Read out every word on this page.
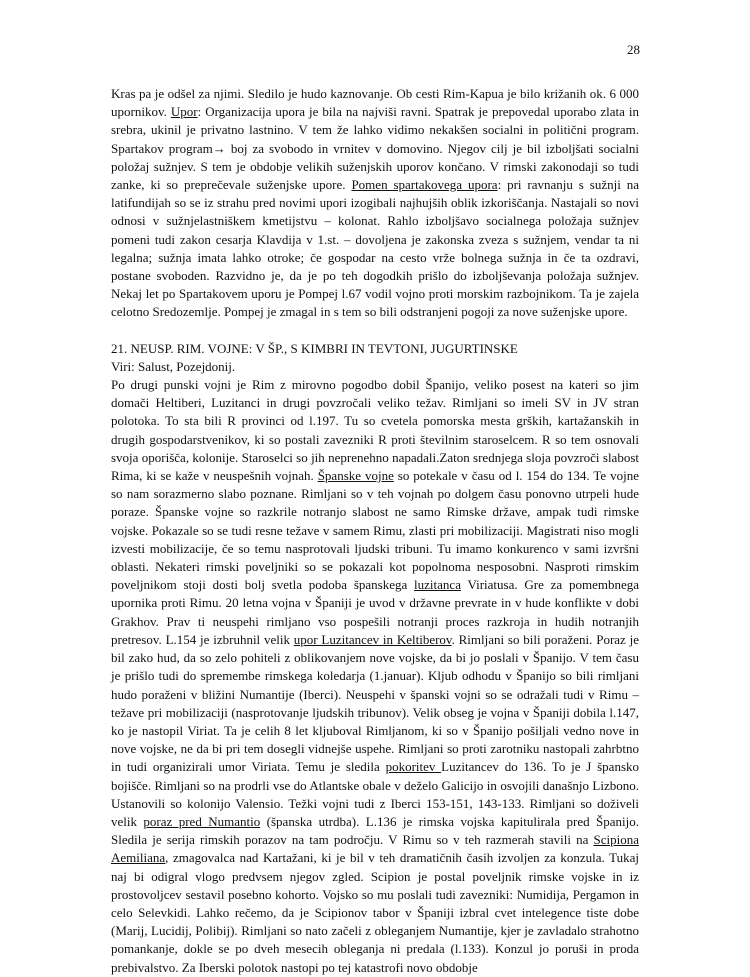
28

Kras pa je odšel za njimi. Sledilo je hudo kaznovanje. Ob cesti Rim-Kapua je bilo križanih ok. 6 000 upornikov. Upor: Organizacija upora je bila na najviši ravni. Spatrak je prepovedal uporabo zlata in srebra, ukinil je privatno lastnino. V tem že lahko vidimo nekakšen socialni in politični program. Spartakov program→ boj za svobodo in vrnitev v domovino. Njegov cilj je bil izboljšati socialni položaj sužnjev. S tem je obdobje velikih suženjskih uporov končano. V rimski zakonodaji so tudi zanke, ki so preprečevale suženjske upore. Pomen spartakovega upora: pri ravnanju s sužnji na latifundijah so se iz strahu pred novimi upori izogibali najhujših oblik izkoriščanja. Nastajali so novi odnosi v sužnjelastniškem kmetijstvu – kolonat. Rahlo izboljšavo socialnega položaja sužnjev pomeni tudi zakon cesarja Klavdija v 1.st. – dovoljena je zakonska zveza s sužnjem, vendar ta ni legalna; sužnja imata lahko otroke; če gospodar na cesto vrže bolnega sužnja in če ta ozdravi, postane svoboden. Razvidno je, da je po teh dogodkih prišlo do izboljševanja položaja sužnjev. Nekaj let po Spartakovem uporu je Pompej l.67 vodil vojno proti morskim razbojnikom. Ta je zajela celotno Sredozemlje. Pompej je zmagal in s tem so bili odstranjeni pogoji za nove suženjske upore.

21. NEUSP. RIM. VOJNE: V ŠP., S KIMBRI IN TEVTONI, JUGURTINSKE

Viri: Salust, Pozejdonij.

Po drugi punski vojni je Rim z mirovno pogodbo dobil Španijo, veliko posest na kateri so jim domači Heltiberi, Luzitanci in drugi povzročali veliko težav. Rimljani so imeli SV in JV stran polotoka. To sta bili R provinci od l.197. Tu so cvetela pomorska mesta grških, kartažanskih in drugih gospodarstvenikov, ki so postali zavezniki R proti številnim staroselcem. R so tem osnovali svoja oporišča, kolonije. Staroselci so jih neprenehno napadali.Zaton srednjega sloja povzroči slabost Rima, ki se kaže v neuspešnih vojnah. Španske vojne so potekale v času od l. 154 do 134. Te vojne so nam sorazmerno slabo poznane. Rimljani so v teh vojnah po dolgem času ponovno utrpeli hude poraze. Španske vojne so razkrile notranjo slabost ne samo Rimske države, ampak tudi rimske vojske. Pokazale so se tudi resne težave v samem Rimu, zlasti pri mobilizaciji. Magistrati niso mogli izvesti mobilizacije, če so temu nasprotovali ljudski tribuni. Tu imamo konkurenco v sami izvršni oblasti. Nekateri rimski poveljniki so se pokazali kot popolnoma nesposobni. Nasproti rimskim poveljnikom stoji dosti bolj svetla podoba španskega luzitanca Viriatusa. Gre za pomembnega upornika proti Rimu. 20 letna vojna v Španiji je uvod v državne prevrate in v hude konflikte v dobi Grakhov. Prav ti neuspehi rimljano vso pospešili notranji proces razkroja in hudih notranjih pretresov. L.154 je izbruhnil velik upor Luzitancev in Keltiberov. Rimljani so bili poraženi. Poraz je bil zako hud, da so zelo pohiteli z oblikovanjem nove vojske, da bi jo poslali v Španijo. V tem času je prišlo tudi do spremembe rimskega koledarja (1.januar). Kljub odhodu v Španijo so bili rimljani hudo poraženi v bližini Numantije (Iberci). Neuspehi v španski vojni so se odražali tudi v Rimu – težave pri mobilizaciji (nasprotovanje ljudskih tribunov). Velik obseg je vojna v Španiji dobila l.147, ko je nastopil Viriat. Ta je celih 8 let kljuboval Rimljanom, ki so v Španijo pošiljali vedno nove in nove vojske, ne da bi pri tem dosegli vidnejše uspehe. Rimljani so proti zarotniku nastopali zahrbtno in tudi organizirali umor Viriata. Temu je sledila pokoritev Luzitancev do 136. To je J špansko bojišče. Rimljani so na prodrli vse do Atlantske obale v deželo Galicijo in osvojili današnjo Lizbono. Ustanovili so kolonijo Valensio. Težki vojni tudi z Iberci 153-151, 143-133. Rimljani so doživeli velik poraz pred Numantio (španska utrdba). L.136 je rimska vojska kapitulirala pred Španijo. Sledila je serija rimskih porazov na tam področju. V Rimu so v teh razmerah stavili na Scipiona Aemiliana, zmagovalca nad Kartažani, ki je bil v teh dramatičnih časih izvoljen za konzula. Tukaj naj bi odigral vlogo predvsem njegov zgled. Scipion je postal poveljnik rimske vojske in iz prostovoljcev sestavil posebno kohorto. Vojsko so mu poslali tudi zavezniki: Numidija, Pergamon in celo Selevkidi. Lahko rečemo, da je Scipionov tabor v Španiji izbral cvet intelegence tiste dobe (Marij, Lucidij, Polibij). Rimljani so nato začeli z obleganjem Numantije, kjer je zavladalo strahotno pomankanje, dokle se po dveh mesecih obleganja ni predala (l.133). Konzul jo poruši in proda prebivalstvo. Za Iberski polotok nastopi po tej katastrofi novo obdobje
